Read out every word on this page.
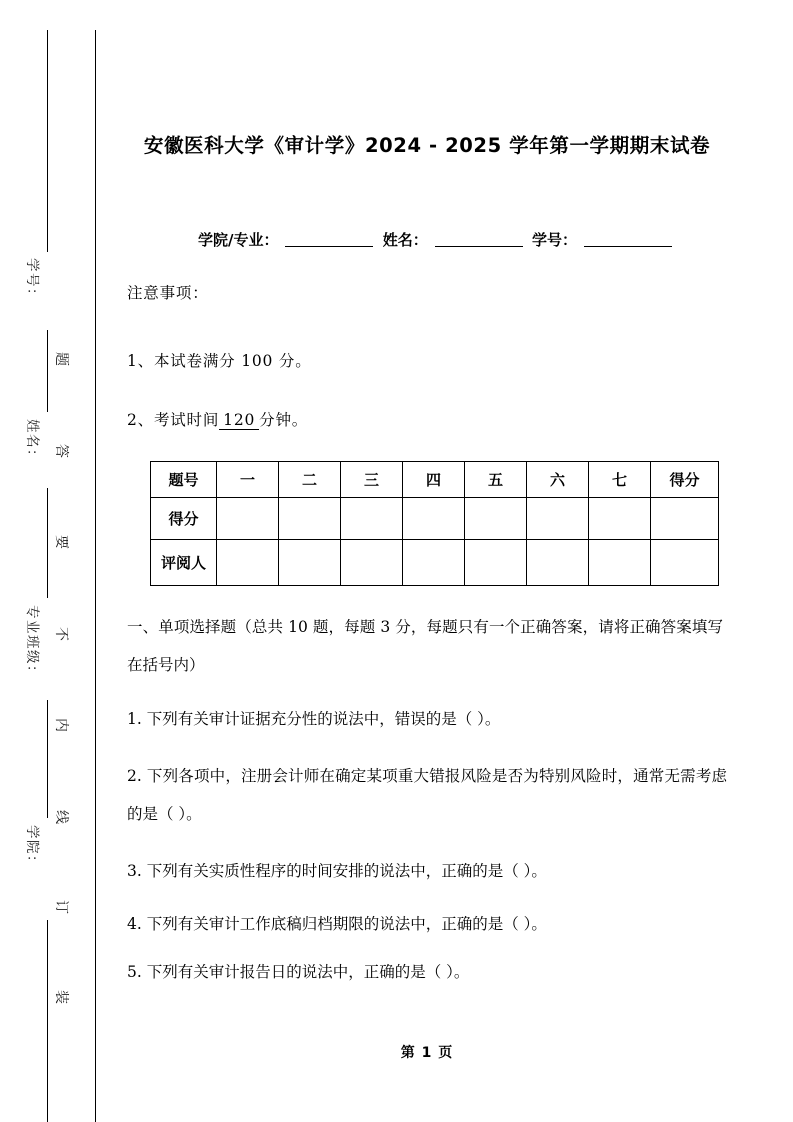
学号：
姓名：
专业班级：
学院：
题
答
要
不
内
线
订
装
安徽医科大学《审计学》2024 - 2025 学年第一学期期末试卷
学院/专业：	姓名：	学号：
注意事项：
1、本试卷满分 100 分。
2、考试时间 120 分钟。
题号	一	二	三	四	五	六	七	得分
得分								
评阅人								
一、单项选择题（总共 10 题，每题 3 分，每题只有一个正确答案，请将正确答案填写在括号内）
1. 下列有关审计证据充分性的说法中，错误的是（ ）。
2. 下列各项中，注册会计师在确定某项重大错报风险是否为特别风险时，通常无需考虑的是（ ）。
3. 下列有关实质性程序的时间安排的说法中，正确的是（ ）。
4. 下列有关审计工作底稿归档期限的说法中，正确的是（ ）。
5. 下列有关审计报告日的说法中，正确的是（ ）。
第 1 页
